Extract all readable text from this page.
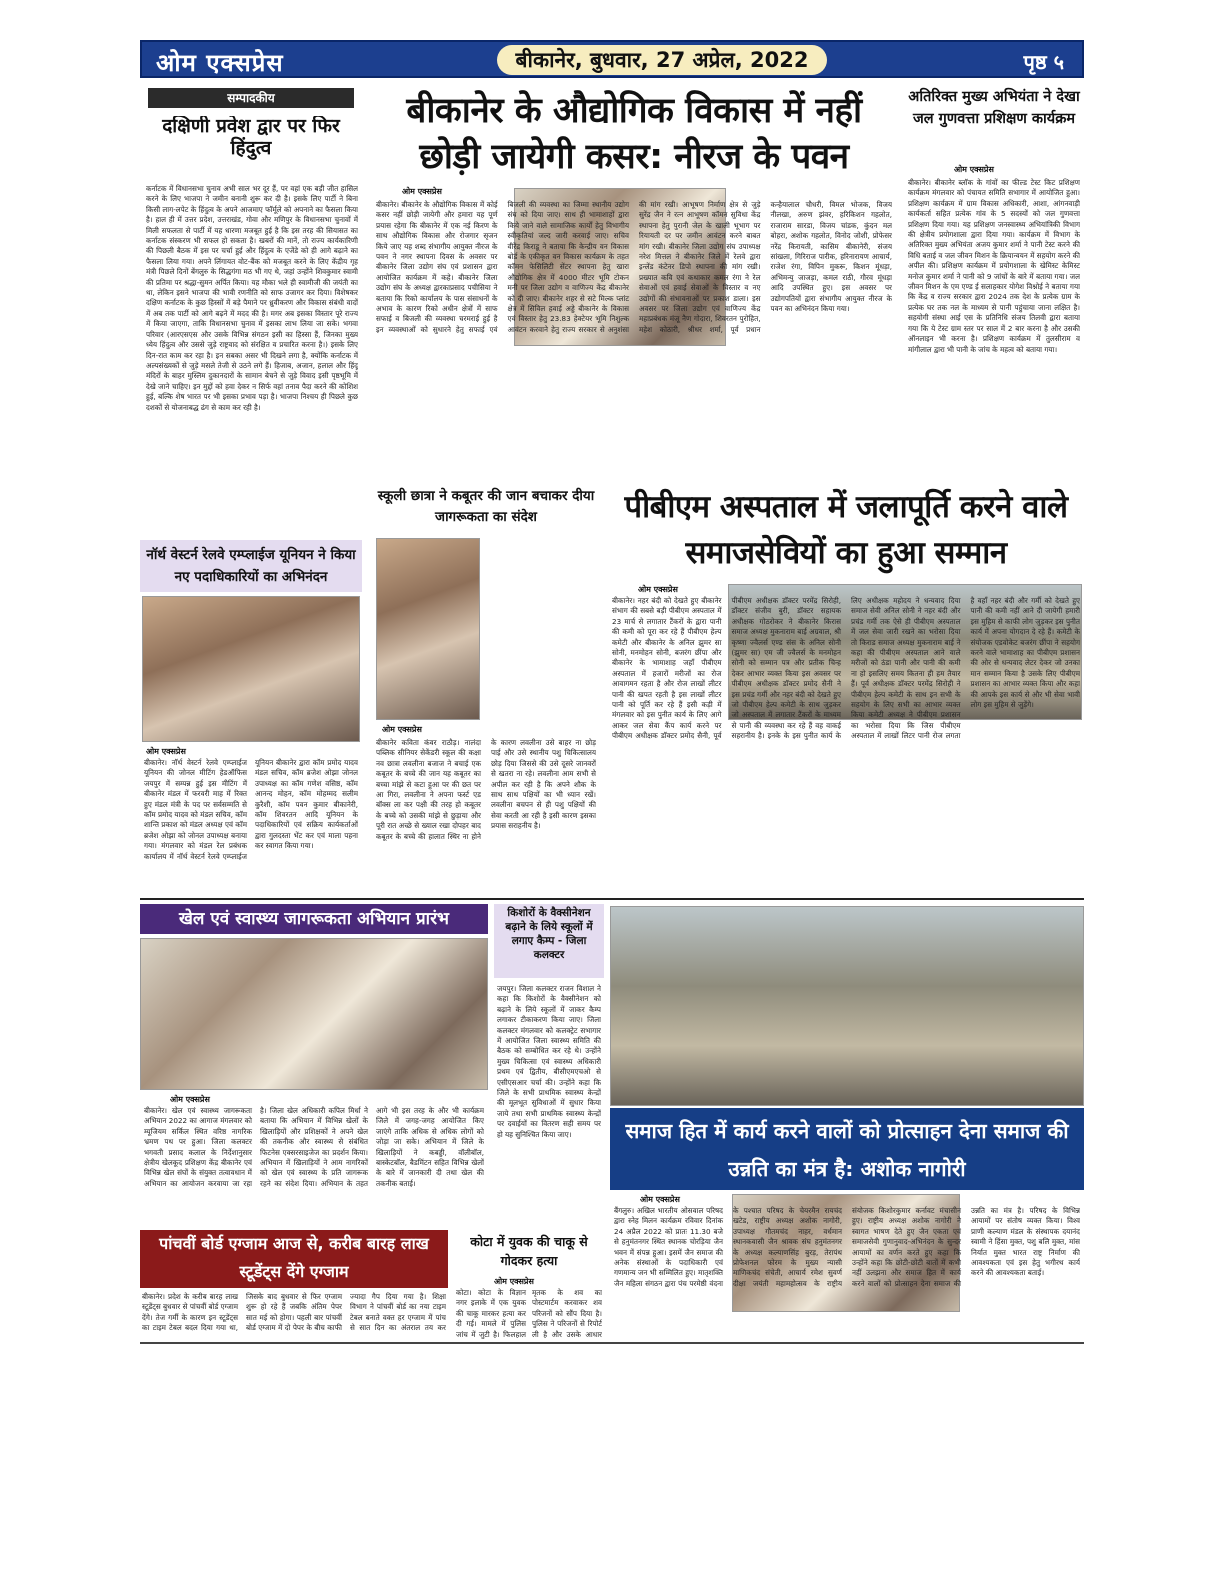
ओम एक्सप्रेस	बीकानेर, बुधवार, 27 अप्रेल, 2022	पृष्ठ ५
सम्पादकीय
दक्षिणी प्रवेश द्वार पर फिर हिंदुत्व
कर्नाटक में विधानसभा चुनाव अभी साल भर दूर हैं, पर वहां एक बड़ी जीत हासिल करने के लिए भाजपा ने जमीन बनानी शुरू कर दी है। इसके लिए पार्टी ने बिना किसी लाग-लपेट के हिंदुत्व के अपने आजमाए फॉर्मूले को अपनाने का फैसला किया है। हाल ही में उत्तर प्रदेश, उत्तराखंड, गोवा और मणिपुर के विधानसभा चुनावों में मिली सफलता से पार्टी में यह धारणा मजबूत हुई है कि इस तरह की सियासत का कर्नाटक संस्करण भी सफल हो सकता है। खबरों की मानें, तो राज्य कार्यकारिणी की पिछली बैठक में इस पर चर्चा हुई और हिंदुत्व के एजेंडे को ही आगे बढ़ाने का फैसला लिया गया। अपने लिंगायत वोट-बैंक को मजबूत करने के लिए केंद्रीय गृह मंत्री पिछले दिनों बेंगलुरु के सिद्धगंगा मठ भी गए थे, जहां उन्होंने शिवकुमार स्वामी की प्रतिमा पर श्रद्धा-सुमन अर्पित किया। यह मौका भले ही स्वामीजी की जयंती का था, लेकिन इसने भाजपा की भावी रणनीति को साफ उजागर कर दिया। विशेषकर दक्षिण कर्नाटक के कुछ हिस्सों में बड़े पैमाने पर ध्रुवीकरण और विकास संबंधी वादों में अब तक पार्टी को आगे बढ़ने में मदद की है। मगर अब इसका विस्तार पूरे राज्य में किया जाएगा, ताकि विधानसभा चुनाव में इसका लाभ लिया जा सके। भगवा परिवार (आरएसएस और उसके विभिन्न संगठन इसी का हिस्सा हैं, जिनका मुख्य ध्येय हिंदुत्व और उससे जुड़े राष्ट्रवाद को संरक्षित व प्रचारित करना है।) इसके लिए दिन-रात काम कर रहा है। इन सबका असर भी दिखने लगा है, क्योंकि कर्नाटक में अल्पसंख्यकों से जुड़े मसले तेजी से उठने लगे हैं। हिजाब, अजान, हलाल और हिंदू मंदिरों के बाहर मुस्लिम दुकानदारों के सामान बेचने से जुड़े विवाद इसी पृष्ठभूमि में देखे जाने चाहिए। इन मुद्दों को हवा देकर न सिर्फ वहां तनाव पैदा करने की कोशिश हुई, बल्कि शेष भारत पर भी इसका प्रभाव पड़ा है। भाजपा निश्चय ही पिछले कुछ दशकों से योजनाबद्ध ढंग से काम कर रही है।
बीकानेर के औद्योगिक विकास में नहीं छोड़ी जायेगी कसर: नीरज के पवन
ओम एक्सप्रेस
बीकानेर। बीकानेर के औद्योगिक विकास में कोई कसर नहीं छोड़ी जायेगी और हमारा यह पूर्ण प्रयास रहेगा कि बीकानेर में एक नई किरण के साथ औद्योगिक विकास और रोजगार सृजन किये जाए यह शब्द संभागीय आयुक्त नीरज के पवन ने नगर स्थापना दिवस के अवसर पर बीकानेर जिला उद्योग संघ एवं प्रशासन द्वारा आयोजित कार्यक्रम में कहे। बीकानेर जिला उद्योग संघ के अध्यक्ष द्वारकाप्रसाद पचीसिया ने बताया कि रिको कार्यालय के पास संसाधनों के अभाव के कारण रिको अधीन क्षेत्रों में साफ सफाई व बिजली की व्यवस्था चरमराई हुई है इन व्यवस्थाओं को सुधारने हेतु सफाई एवं बिजली की व्यवस्था का जिम्मा स्थानीय उद्योग संघ को दिया जाए। साथ ही भामाशाहों द्वारा किये जाने वाले सामाजिक कार्यों हेतु विभागीय स्वीकृतियां जल्द जारी करवाई जाए। सचिव वीरेंद्र किराडू ने बताया कि केन्द्रीय वन विकास बोर्ड के एकीकृत वन विकास कार्यक्रम के तहत कॉमन फेसिलिटी सेंटर स्थापना हेतु खारा औद्योगिक क्षेत्र में 4000 मीटर भूमि टोकन मनी पर जिला उद्योग व वाणिज्य केंद्र बीकानेर को दी जाए। बीकानेर शहर से सटे मिल्क प्लांट क्षेत्र में सिविल हवाई अड्डे बीकानेर के विकास एवं विस्तार हेतु 23.83 हेक्टेयर भूमि निशुल्क आवंटन करवाने हेतु राज्य सरकार से अनुशंसा की मांग रखी। आभूषण निर्माण क्षेत्र से जुड़े सुरेंद्र जैन ने रत्न आभूषण कॉमन सुविधा केंद्र स्थापना हेतु पुरानी जेल के खाली भूभाग पर रियायती दर पर जमीन आवंटन करने बाबत मांग रखी। बीकानेर जिला उद्योग संघ उपाध्यक्ष नरेश मित्तल ने बीकानेर जिले में रेलवे द्वारा इन्लेंड कंटेनर डिपो स्थापना की मांग रखी। प्रख्यात कवि एवं कथाकार कमल रंगा ने रेल सेवाओं एवं हवाई सेवाओं के विस्तार व नए उद्योगों की संभावनाओं पर प्रकाश डाला। इस अवसर पर जिला उद्योग एवं वाणिज्य केंद्र महाप्रबंधक मंजू नैण गोदारा, शिवरतन पुरोहित, महेश कोठारी, श्रीधर शर्मा, पूर्व प्रधान कन्हैयालाल चौधरी, विमल भोजक, विजय नीलखा, अरुण झंवर, हरिकिशन गहलोत, राजाराम सारडा, विजय चांडक, कुंदन मल बोहरा, अशोक गहलोत, विनोद जोशी, प्रोफेसर नरेंद्र किरायती, कासिम बीकानेरी, संजय सांखला, गिरिराज पारीक, हरिनारायण आचार्य, राजेश रंगा, विपिन मुकरू, किशन मूंधड़ा, अभिमन्यु जाजड़ा, कमल राठी, गौरव मूंधड़ा आदि उपस्थित हुए। इस अवसर पर उद्योगपतियों द्वारा संभागीय आयुक्त नीरज के पवन का अभिनंदन किया गया।
अतिरिक्त मुख्य अभियंता ने देखा जल गुणवत्ता प्रशिक्षण कार्यक्रम
ओम एक्सप्रेस
बीकानेर। बीकानेर ब्लॉक के गांवों का फील्ड टेस्ट किट प्रशिक्षण कार्यक्रम मंगलवार को पंचायत समिति सभागार में आयोजित हुआ। प्रशिक्षण कार्यक्रम में ग्राम विकास अधिकारी, आशा, आंगनवाड़ी कार्यकर्ता सहित प्रत्येक गांव के 5 सदस्यों को जल गुणवत्ता प्रशिक्षण दिया गया। यह प्रशिक्षण जनस्वास्थ्य अभियांत्रिकी विभाग की क्षेत्रीय प्रयोगशाला द्वारा दिया गया। कार्यक्रम में विभाग के अतिरिक्त मुख्य अभियंता अजय कुमार शर्मा ने पानी टेस्ट करने की विधि बताई व जल जीवन मिशन के क्रियान्वयन में सहयोग करने की अपील की। प्रशिक्षण कार्यक्रम में प्रयोगशाला के खेमिस्ट केमिस्ट मनोज कुमार शर्मा ने पानी को 9 जांचों के बारे में बताया गया। जल जीवन मिशन के एम एण्ड ई सलाहकार योगेश विश्नोई ने बताया गया कि केंद्र व राज्य सरकार द्वारा 2024 तक देश के प्रत्येक ग्राम के प्रत्येक घर तक नल के माध्यम से पानी पहुंचाया जाना लक्षित है। सहयोगी संस्था आई एस के प्रतिनिधि संजय तिलवी द्वारा बताया गया कि ये टेस्ट ग्राम स्तर पर साल में 2 बार करना है और उसकी ऑनलाइन भी करना है। प्रशिक्षण कार्यक्रम में तुलसीराम व मांगीलाल द्वारा भी पानी के जांच के महत्व को बताया गया।
नॉर्थ वेस्टर्न रेलवे एम्प्लाईज यूनियन ने किया नए पदाधिकारियों का अभिनंदन
ओम एक्सप्रेस
बीकानेर। नॉर्थ वेस्टर्न रेलवे एम्प्लाईज यूनियन की जोनल मीटिंग हेडऑफिस जयपुर में सम्पन्न हुई इस मीटिंग में बीकानेर मंडल में फरवरी माह में रिक्त हुए मंडल मंत्री के पद पर सर्वसम्मति से कॉम प्रमोद यादव को मंडल सचिव, कॉम शान्ति प्रकाश को मंडल अध्यक्ष एवं कॉम ब्रजेश ओझा को जोनल उपाध्यक्ष बनाया गया। मंगलवार को मंडल रेल प्रबंधक कार्यालय में नॉर्थ वेस्टर्न रेलवे एम्प्लाईज यूनियन बीकानेर द्वारा कॉम प्रमोद यादव मंडल सचिव, कॉम ब्रजेश ओझा जोनल उपाध्यक्ष का कॉम गणेश वसिष्ठ, कॉम आनन्द मोहन, कॉम मोहम्मद सलीम कुरैशी, कॉम पवन कुमार बीकानेरी, कॉम शिवरतन आदि यूनियन के पदाधिकारियों एवं सक्रिय कार्यकर्ताओं द्वारा गुलदस्ता भेंट कर एवं माला पहना कर स्वागत किया गया।
स्कूली छात्रा ने कबूतर की जान बचाकर दीया जागरूकता का संदेश
ओम एक्सप्रेस
बीकानेर कविता कंवर राठौड़। नालंदा पब्लिक सीनियर सेकेंडरी स्कूल की कक्षा नव छात्रा लवलीना बजाज ने बचाई एक कबूतर के बच्चे की जान यह कबूतर का बच्चा मांझे से कटा हुआ पर की छत पर आ गिरा, लवलीना ने अपना फर्स्ट एड बॉक्स ला कर पक्षी की तरह हो कबूतर के बच्चे को उसकी मांझे से छुड़ाया और पूरी रात अच्छे से ख्याल रखा दोपहर बाद कबूतर के बच्चे की हालात स्थिर ना होने के कारण लवलीना उसे बाहर ना छोड़ पाई और उसे स्थानीय पशु चिकित्सालय छोड़ दिया जिससे की उसे दूसरे जानवरों से खतरा ना रहे। लवलीना आम सभी से अपील कर रही है कि अपने शौक के साथ साथ पक्षियों का भी ध्यान रखें। लवलीना बचपन से ही पशु पक्षियों की सेवा करती आ रही है इसी कारण इसका प्रयास सराहनीय है।
पीबीएम अस्पताल में जलापूर्ति करने वाले समाजसेवियों का हुआ सम्मान
ओम एक्सप्रेस
बीकानेर। नहर बंदी को देखते हुए बीकानेर संभाग की सबसे बड़ी पीबीएम अस्पताल में 23 मार्च से लगातार टैंकरों के द्वारा पानी की कमी को पूरा कर रहे हैं पीबीएम हेल्प कमेटी और बीकानेर के अनिल झुमर सा सोनी, मनमोहन सोनी, बजरंग छींपा और बीकानेर के भामाशाह जहाँ पीबीएम अस्पताल में हजारों मरीजों का रोज आवागमन रहता है और रोज लाखों लीटर पानी की खपत रहती है इस लाखों लीटर पानी को पूर्ति कर रहे हैं इसी कड़ी में मंगलवार को इस पुनीत कार्य के लिए आगे आकर जल सेवा कैंप कार्य करने पर पीबीएम अधीक्षक डॉक्टर प्रमोद सैनी, पूर्व पीबीएम अधीक्षक डॉक्टर परमेंद्र सिरोही, डॉक्टर संजीव बुरी, डॉक्टर सहायक अधीक्षक गोठरोकर ने बीकानेर किरास समाज अध्यक्ष मुकनाराम बाई अग्रवाल, श्री कृष्णा ज्वैलर्स एण्ड संस के अनिल सोनी (झुमर सा) एम जी ज्वैलर्स के मनमोहन सोनी को सम्मान पत्र और प्रतीक चिन्ह देकर आभार व्यक्त किया इस अवसर पर पीबीएम अधीक्षक डॉक्टर प्रमोद सैनी ने इस प्रचंड गर्मी और नहर बंदी को देखते हुए जो पीबीएम हेल्प कमेटी के साथ जुड़कर जो अस्पताल में लगातार टैंकरों के माध्यम से पानी की व्यवस्था कर रहे हैं वह वाकई सहरानीय है। इनके के इस पुनीत कार्य के लिए अधीक्षक महोदय ने धन्यवाद दिया समाज सेवी अनिल सोनी ने नहर बंदी और प्रचंड गर्मी तक ऐसे ही पीबीएम अस्पताल में जल सेवा जारी रखने का भरोसा दिया तो किराड समाज अध्यक्ष मुकनाराम बाई ने कहा की पीबीएम अस्पताल आने वाले मरीजों को ठंडा पानी और पानी की कमी ना हो इसलिए समय कितना ही हम तैयार हैं। पूर्व अधीक्षक डॉक्टर परमेंद्र सिरोही ने पीबीएम हेल्प कमेटी के साथ इन सभी के सहयोग के लिए सभी का आभार व्यक्त किया कमेटी अध्यक्ष ने पीबीएम प्रशासन का भरोसा दिया कि जिस पीबीएम अस्पताल में लाखों लिटर पानी रोज लगता है वहाँ नहर बंदी और गर्मी को देखते हुए पानी की कमी नहीं आने दी जायेगी हमारी इस मुहिम से काफी लोग जुड़कर इस पुनीत कार्य में अपना योगदान दे रहे हैं। कमेटी के संयोजक एडवोकेट बजरंग छींपा ने सहयोग करने वाले भामाशाह का पीबीएम प्रशासन की ओर से धन्यवाद लेटर देकर जो उनका मान सम्मान किया है उसके लिए पीबीएम प्रशासन का आभार व्यक्त किया और कहा की आपके इस कार्य से और भी सेवा भावी लोग इस मुहिम से जुड़ेंगे।
खेल एवं स्वास्थ्य जागरूकता अभियान प्रारंभ
ओम एक्सप्रेस
बीकानेर। खेल एवं स्वास्थ्य जागरूकता अभियान 2022 का आगाज मंगलवार को म्यूजियम सर्किल स्थित वरिष्ठ नागरिक भ्रमण पथ पर हुआ। जिला कलक्टर भगवती प्रसाद कलाल के निर्देशानुसार क्षेत्रीय खेलकूद प्रशिक्षण केंद्र बीकानेर एवं विभिन्न खेल संघों के संयुक्त तत्वावधान में अभियान का आयोजन करवाया जा रहा है। जिला खेल अधिकारी कपिल मिर्धा ने बताया कि अभियान में विभिन्न खेलों के खिलाड़ियों और प्रशिक्षकों ने अपने खेल की तकनीक और स्वास्थ्य से संबंधित फिटनेस एक्सरसाइजेज का प्रदर्शन किया। अभियान में खिलाड़ियों ने आम नागरिकों को खेल एवं स्वास्थ्य के प्रति जागरूक रहने का संदेश दिया। अभियान के तहत आगे भी इस तरह के और भी कार्यक्रम जिले में जगह-जगह आयोजित किए जाएंगे ताकि अधिक से अधिक लोगों को जोड़ा जा सके। अभियान में जिले के खिलाड़ियों ने कबड्डी, वॉलीबॉल, बास्केटबॉल, बैडमिंटन सहित विभिन्न खेलों के बारे में जानकारी दी तथा खेल की तकनीक बताई।
किशोरों के वैक्सीनेशन बढ़ाने के लिये स्कूलों में लगाए कैम्प - जिला कलक्टर
जयपुर। जिला कलक्टर राजन विशाल ने कहा कि किशोरों के वैक्सीनेशन को बढ़ाने के लिये स्कूलों में जाकर कैम्प लगाकर टीकाकरण किया जाए। जिला कलक्टर मंगलवार को कलक्ट्रेट सभागार में आयोजित जिला स्वास्थ्य समिति की बैठक को सम्बोधित कर रहे थे। उन्होंने मुख्य चिकित्सा एवं स्वास्थ्य अधिकारी प्रथम एवं द्वितीय, बीसीएमएचओ से एसीएसआर चर्चा की। उन्होंने कहा कि जिले के सभी प्राथमिक स्वास्थ्य केन्द्रों की मूलभूत सुविधाओं में सुधार किया जाये तथा सभी प्राथमिक स्वास्थ्य केन्द्रों पर दवाईयों का वितरण सही समय पर हो यह सुनिश्चित किया जाए।	समाज हित में कार्य करने वालों को प्रोत्साहन देना समाज की उन्नति का मंत्र है: अशोक नागोरी
ओम एक्सप्रेस
बैंगलुरु। अखिल भारतीय ओसवाल परिषद द्वारा स्नेह मिलन कार्यक्रम रविवार दिनांक 24 अप्रैल 2022 को प्रातः 11.30 बजे से हनुमंतनगर स्थित स्थानक चोरड़िया जैन भवन में संपन्न हुआ। इसमें जैन समाज की अनेक संस्थाओं के पदाधिकारी एवं गणमान्य जन भी सम्मिलित हुए। मातृशक्ति जैन महिला संगठन द्वारा पंच परमेष्ठी वंदना के पश्चात परिषद के चेयरमैन रायचंद खटेड, राष्ट्रीय अध्यक्ष अशोक नागोरी, उपाध्यक्ष गौतमचंद नाहर, वर्धमान स्थानकवासी जैन श्रावक संघ हनुमंतनगर के अध्यक्ष कल्याणसिंह बुरड़, तेरापंथ प्रोफेशनल फोरम के मुख्य न्यासी माणिकचंद संचेती, आचार्य रमेश सुवर्ण दीक्षा जयंती महामहोत्सव के राष्ट्रीय संयोजक किशोरकुमार कर्नावट मंचासीन हुए। राष्ट्रीय अध्यक्ष अशोक नागोरी ने स्वागत भाषण देते हुए जैन एकता एवं समाजसेवी गुणानुवाद-अभिनंदन के सुन्दर आयामों का वर्णन करते हुए कहा कि उन्होंने कहा कि छोटी-छोटी बातों में कभी नहीं उलझना और समाज हित में कार्य करने वालों को प्रोत्साहन देना समाज की उन्नति का मंत्र है। परिषद के विभिन्न आयामों पर संतोष व्यक्त किया। विश्व प्राणी कल्याण मंडल के संस्थापक दयानंद स्वामी ने हिंसा मुक्त, पशु बलि मुक्त, मांस निर्यात मुक्त भारत राष्ट्र निर्माण की आवश्यकता एवं इस हेतु भगीरथ कार्य करने की आवश्यकता बताई।
पांचवीं बोर्ड एग्जाम आज से, करीब बारह लाख स्टूडेंट्स देंगे एग्जाम
बीकानेर। प्रदेश के करीब बारह लाख स्टूडेंट्स बुधवार से पांचवीं बोर्ड एग्जाम देंगे। तेज गर्मी के कारण इन स्टूडेंट्स का टाइम टेबल बदल दिया गया था, जिसके बाद बुधवार से फिर एग्जाम शुरू हो रहे हैं जबकि अंतिम पेपर सात मई को होगा। पहली बार पांचवीं बोर्ड एग्जाम में दो पेपर के बीच काफी ज्यादा गैप दिया गया है। शिक्षा विभाग ने पांचवीं बोर्ड का नया टाइम टेबल बनाते वक्त हर एग्जाम में पांच से सात दिन का अंतराल तय कर
कोटा में युवक की चाकू से गोदकर हत्या
ओम एक्सप्रेस
कोटा। कोटा के विज्ञान नगर इलाके में एक युवक की चाकू मारकर हत्या कर दी गई। मामले में पुलिस जांच में जुटी है। फिलहाल मृतक के शव का पोस्टमार्टम करवाकर शव परिजनों को सौंप दिया है। पुलिस ने परिजनों से रिपोर्ट ली है और उसके आधार
